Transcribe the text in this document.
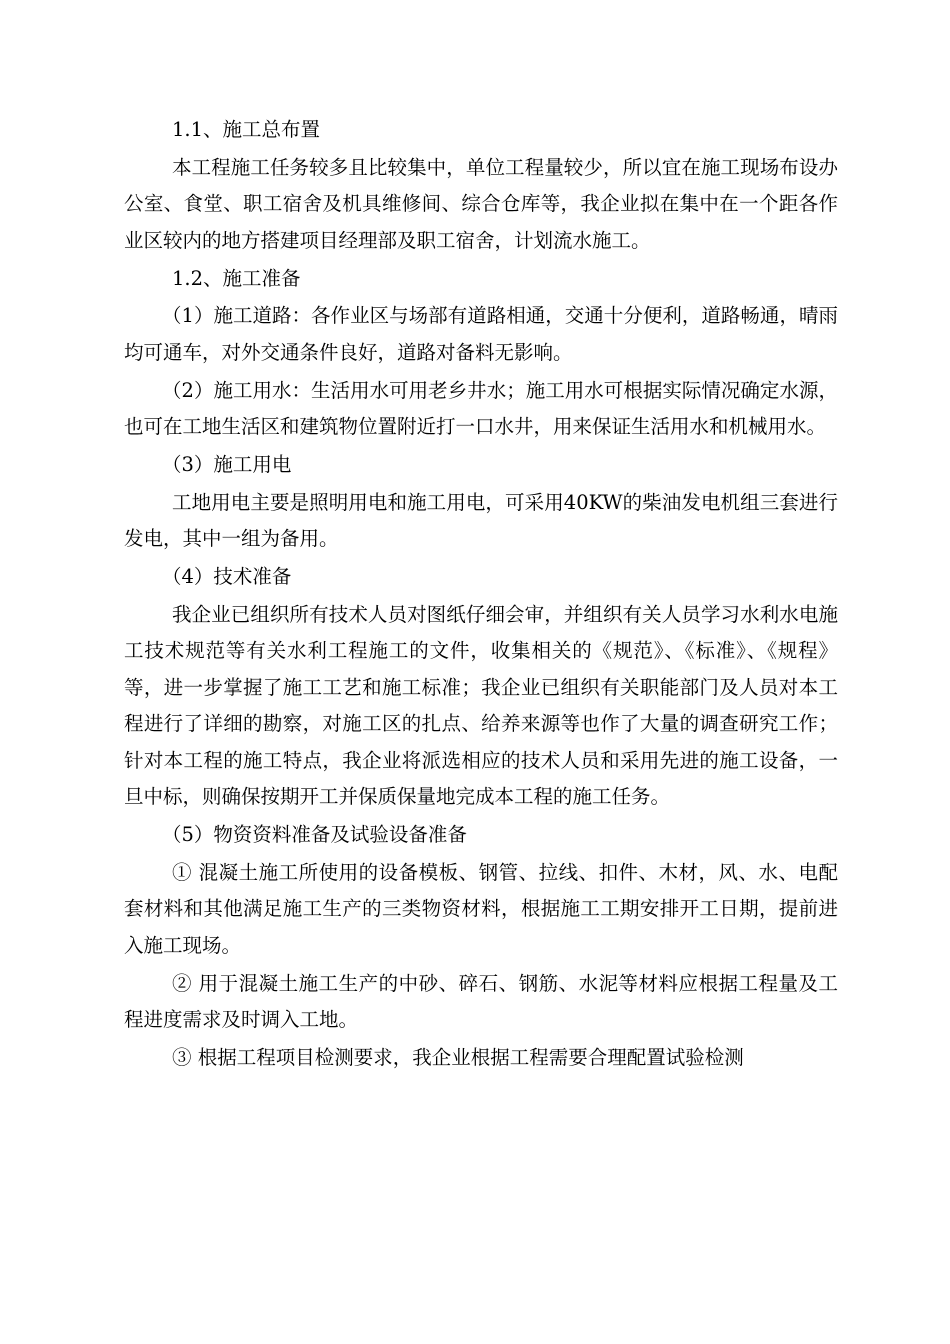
1.1、施工总布置

本工程施工任务较多且比较集中，单位工程量较少，所以宜在施工现场布设办公室、食堂、职工宿舍及机具维修间、综合仓库等，我企业拟在集中在一个距各作业区较内的地方搭建项目经理部及职工宿舍，计划流水施工。

1.2、施工准备

（1）施工道路：各作业区与场部有道路相通，交通十分便利，道路畅通，晴雨均可通车，对外交通条件良好，道路对备料无影响。

（2）施工用水：生活用水可用老乡井水；施工用水可根据实际情况确定水源，也可在工地生活区和建筑物位置附近打一口水井，用来保证生活用水和机械用水。

（3）施工用电

工地用电主要是照明用电和施工用电，可采用40KW的柴油发电机组三套进行发电，其中一组为备用。

（4）技术准备

我企业已组织所有技术人员对图纸仔细会审，并组织有关人员学习水利水电施工技术规范等有关水利工程施工的文件，收集相关的《规范》、《标准》、《规程》等，进一步掌握了施工工艺和施工标准；我企业已组织有关职能部门及人员对本工程进行了详细的勘察，对施工区的扎点、给养来源等也作了大量的调查研究工作；针对本工程的施工特点，我企业将派选相应的技术人员和采用先进的施工设备，一旦中标，则确保按期开工并保质保量地完成本工程的施工任务。

（5）物资资料准备及试验设备准备

① 混凝土施工所使用的设备模板、钢管、拉线、扣件、木材，风、水、电配套材料和其他满足施工生产的三类物资材料，根据施工工期安排开工日期，提前进入施工现场。

② 用于混凝土施工生产的中砂、碎石、钢筋、水泥等材料应根据工程量及工程进度需求及时调入工地。

③ 根据工程项目检测要求，我企业根据工程需要合理配置试验检测
